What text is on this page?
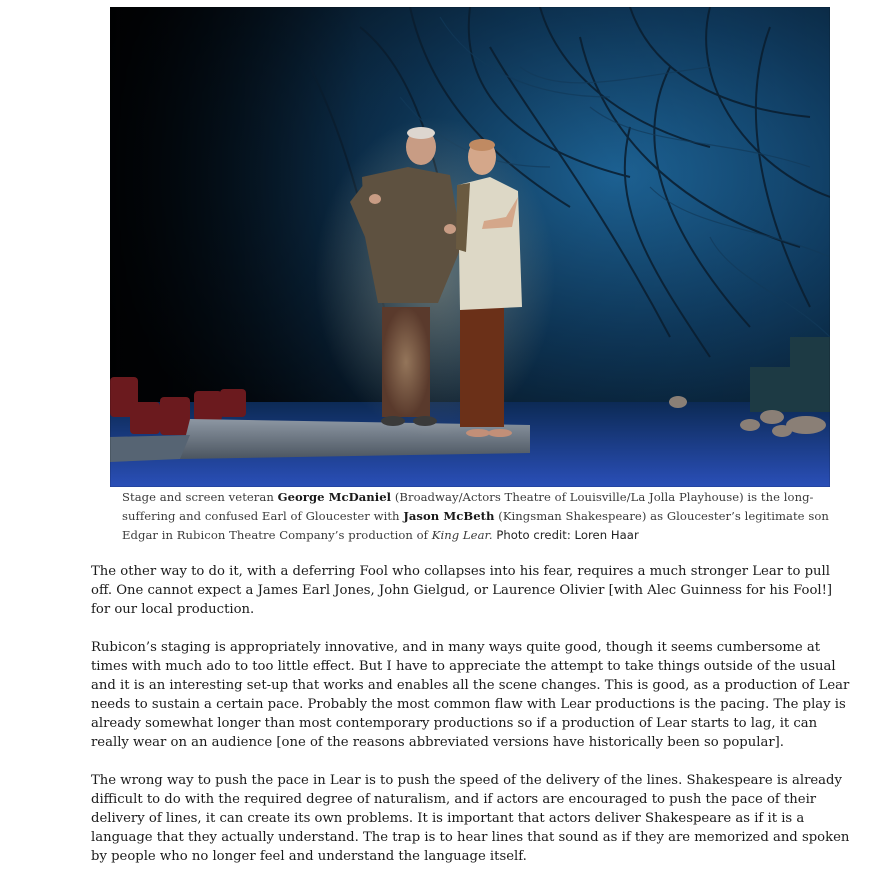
Stage and screen veteran George McDaniel (Broadway/Actors Theatre of Louisville/La Jolla Playhouse) is the long-suffering and confused Earl of Gloucester with Jason McBeth (Kingsman Shakespeare) as Gloucester’s legitimate son Edgar in Rubicon Theatre Company’s production of King Lear. Photo credit: Loren Haar

The other way to do it, with a deferring Fool who collapses into his fear, requires a much stronger Lear to pull off. One cannot expect a James Earl Jones, John Gielgud, or Laurence Olivier [with Alec Guinness for his Fool!] for our local production.

Rubicon’s staging is appropriately innovative, and in many ways quite good, though it seems cumbersome at times with much ado to too little effect. But I have to appreciate the attempt to take things outside of the usual and it is an interesting set-up that works and enables all the scene changes. This is good, as a production of Lear needs to sustain a certain pace. Probably the most common flaw with Lear productions is the pacing. The play is already somewhat longer than most contemporary productions so if a production of Lear starts to lag, it can really wear on an audience [one of the reasons abbreviated versions have historically been so popular].

The wrong way to push the pace in Lear is to push the speed of the delivery of the lines. Shakespeare is already difficult to do with the required degree of naturalism, and if actors are encouraged to push the pace of their delivery of lines, it can create its own problems. It is important that actors deliver Shakespeare as if it is a language that they actually understand. The trap is to hear lines that sound as if they are memorized and spoken by people who no longer feel and understand the language itself.
